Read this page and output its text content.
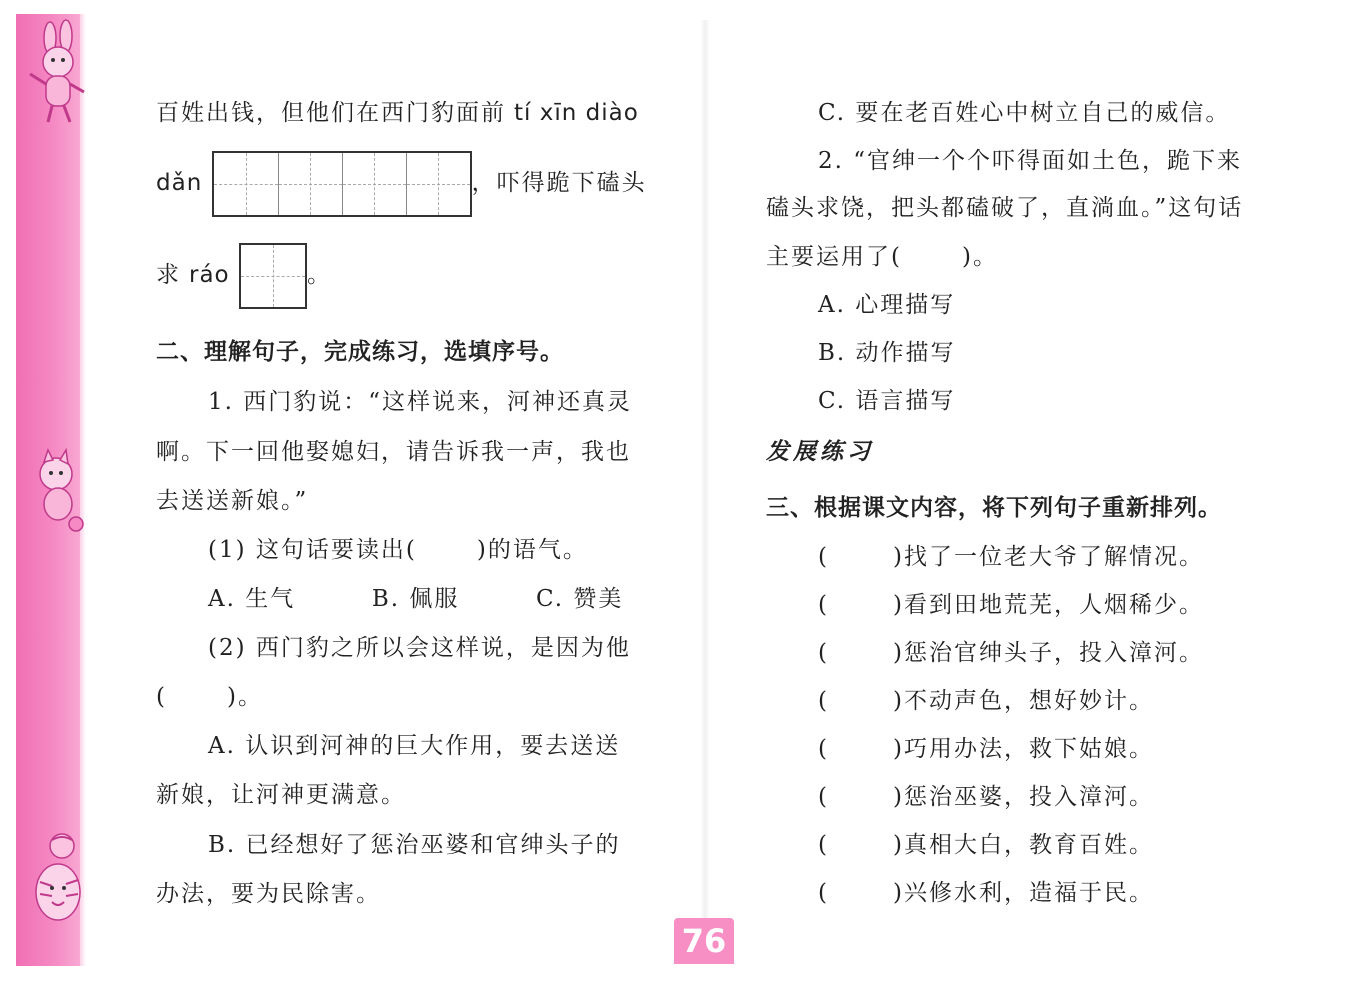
百姓出钱，但他们在西门豹面前 tí xīn diào
dǎn	，吓得跪下磕头
求 ráo	。
二、理解句子，完成练习，选填序号。
1. 西门豹说：“这样说来，河神还真灵
啊。下一回他娶媳妇，请告诉我一声，我也
去送送新娘。”
(1) 这句话要读出(	)的语气。
A. 生气	B. 佩服	C. 赞美
(2) 西门豹之所以会这样说，是因为他
(	)。
A. 认识到河神的巨大作用，要去送送
新娘，让河神更满意。
B. 已经想好了惩治巫婆和官绅头子的
办法，要为民除害。
C. 要在老百姓心中树立自己的威信。
2. “官绅一个个吓得面如土色，跪下来
磕头求饶，把头都磕破了，直淌血。”这句话
主要运用了(	)。
A. 心理描写
B. 动作描写
C. 语言描写
发展练习
三、根据课文内容，将下列句子重新排列。
(	)找了一位老大爷了解情况。
(	)看到田地荒芜，人烟稀少。
(	)惩治官绅头子，投入漳河。
(	)不动声色，想好妙计。
(	)巧用办法，救下姑娘。
(	)惩治巫婆，投入漳河。
(	)真相大白，教育百姓。
(	)兴修水利，造福于民。
76
